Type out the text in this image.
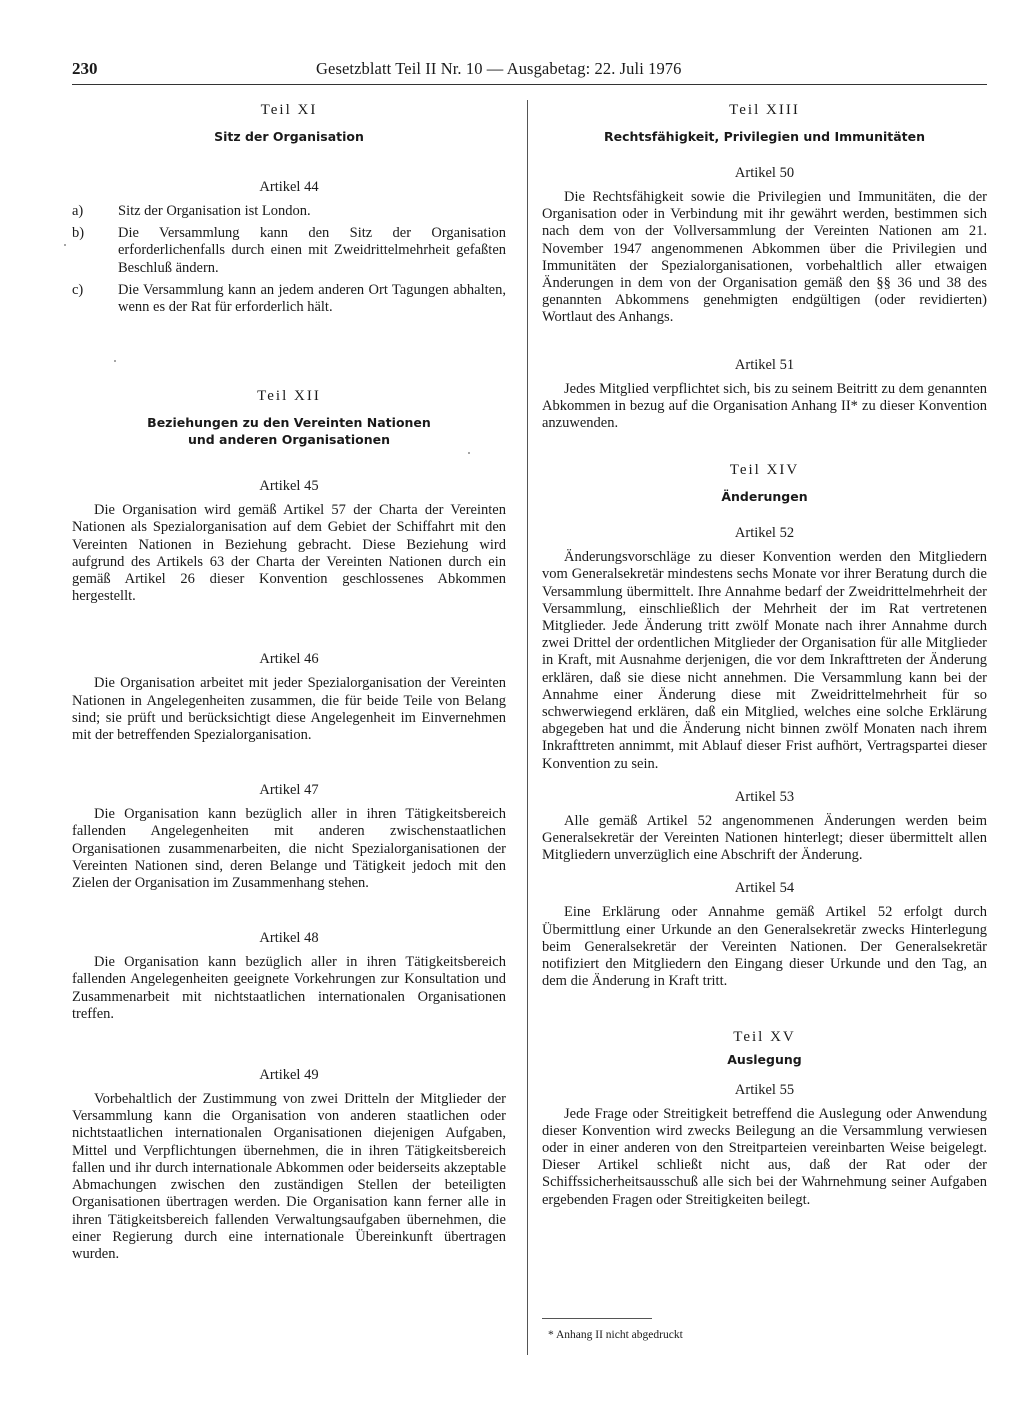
230	Gesetzblatt Teil II Nr. 10 — Ausgabetag: 22. Juli 1976

Teil XI

Sitz der Organisation

Artikel 44

a) Sitz der Organisation ist London.

b) Die Versammlung kann den Sitz der Organisation erforderlichenfalls durch einen mit Zweidrittelmehrheit gefaßten Beschluß ändern.

c) Die Versammlung kann an jedem anderen Ort Tagungen abhalten, wenn es der Rat für erforderlich hält.

Teil XII

Beziehungen zu den Vereinten Nationen

und anderen Organisationen

Artikel 45

Die Organisation wird gemäß Artikel 57 der Charta der Vereinten Nationen als Spezialorganisation auf dem Gebiet der Schiffahrt mit den Vereinten Nationen in Beziehung gebracht. Diese Beziehung wird aufgrund des Artikels 63 der Charta der Vereinten Nationen durch ein gemäß Artikel 26 dieser Konvention geschlossenes Abkommen hergestellt.

Artikel 46

Die Organisation arbeitet mit jeder Spezialorganisation der Vereinten Nationen in Angelegenheiten zusammen, die für beide Teile von Belang sind; sie prüft und berücksichtigt diese Angelegenheit im Einvernehmen mit der betreffenden Spezialorganisation.

Artikel 47

Die Organisation kann bezüglich aller in ihren Tätigkeitsbereich fallenden Angelegenheiten mit anderen zwischenstaatlichen Organisationen zusammenarbeiten, die nicht Spezialorganisationen der Vereinten Nationen sind, deren Belange und Tätigkeit jedoch mit den Zielen der Organisation im Zusammenhang stehen.

Artikel 48

Die Organisation kann bezüglich aller in ihren Tätigkeitsbereich fallenden Angelegenheiten geeignete Vorkehrungen zur Konsultation und Zusammenarbeit mit nichtstaatlichen internationalen Organisationen treffen.

Artikel 49

Vorbehaltlich der Zustimmung von zwei Dritteln der Mitglieder der Versammlung kann die Organisation von anderen staatlichen oder nichtstaatlichen internationalen Organisationen diejenigen Aufgaben, Mittel und Verpflichtungen übernehmen, die in ihren Tätigkeitsbereich fallen und ihr durch internationale Abkommen oder beiderseits akzeptable Abmachungen zwischen den zuständigen Stellen der beteiligten Organisationen übertragen werden. Die Organisation kann ferner alle in ihren Tätigkeitsbereich fallenden Verwaltungsaufgaben übernehmen, die einer Regierung durch eine internationale Übereinkunft übertragen wurden.

Teil XIII

Rechtsfähigkeit, Privilegien und Immunitäten

Artikel 50

Die Rechtsfähigkeit sowie die Privilegien und Immunitäten, die der Organisation oder in Verbindung mit ihr gewährt werden, bestimmen sich nach dem von der Vollversammlung der Vereinten Nationen am 21. November 1947 angenommenen Abkommen über die Privilegien und Immunitäten der Spezialorganisationen, vorbehaltlich aller etwaigen Änderungen in dem von der Organisation gemäß den §§ 36 und 38 des genannten Abkommens genehmigten endgültigen (oder revidierten) Wortlaut des Anhangs.

Artikel 51

Jedes Mitglied verpflichtet sich, bis zu seinem Beitritt zu dem genannten Abkommen in bezug auf die Organisation Anhang II* zu dieser Konvention anzuwenden.

Teil XIV

Änderungen

Artikel 52

Änderungsvorschläge zu dieser Konvention werden den Mitgliedern vom Generalsekretär mindestens sechs Monate vor ihrer Beratung durch die Versammlung übermittelt. Ihre Annahme bedarf der Zweidrittelmehrheit der Versammlung, einschließlich der Mehrheit der im Rat vertretenen Mitglieder. Jede Änderung tritt zwölf Monate nach ihrer Annahme durch zwei Drittel der ordentlichen Mitglieder der Organisation für alle Mitglieder in Kraft, mit Ausnahme derjenigen, die vor dem Inkrafttreten der Änderung erklären, daß sie diese nicht annehmen. Die Versammlung kann bei der Annahme einer Änderung diese mit Zweidrittelmehrheit für so schwerwiegend erklären, daß ein Mitglied, welches eine solche Erklärung abgegeben hat und die Änderung nicht binnen zwölf Monaten nach ihrem Inkrafttreten annimmt, mit Ablauf dieser Frist aufhört, Vertragspartei dieser Konvention zu sein.

Artikel 53

Alle gemäß Artikel 52 angenommenen Änderungen werden beim Generalsekretär der Vereinten Nationen hinterlegt; dieser übermittelt allen Mitgliedern unverzüglich eine Abschrift der Änderung.

Artikel 54

Eine Erklärung oder Annahme gemäß Artikel 52 erfolgt durch Übermittlung einer Urkunde an den Generalsekretär zwecks Hinterlegung beim Generalsekretär der Vereinten Nationen. Der Generalsekretär notifiziert den Mitgliedern den Eingang dieser Urkunde und den Tag, an dem die Änderung in Kraft tritt.

Teil XV

Auslegung

Artikel 55

Jede Frage oder Streitigkeit betreffend die Auslegung oder Anwendung dieser Konvention wird zwecks Beilegung an die Versammlung verwiesen oder in einer anderen von den Streitparteien vereinbarten Weise beigelegt. Dieser Artikel schließt nicht aus, daß der Rat oder der Schiffssicherheitsausschuß alle sich bei der Wahrnehmung seiner Aufgaben ergebenden Fragen oder Streitigkeiten beilegt.

* Anhang II nicht abgedruckt
